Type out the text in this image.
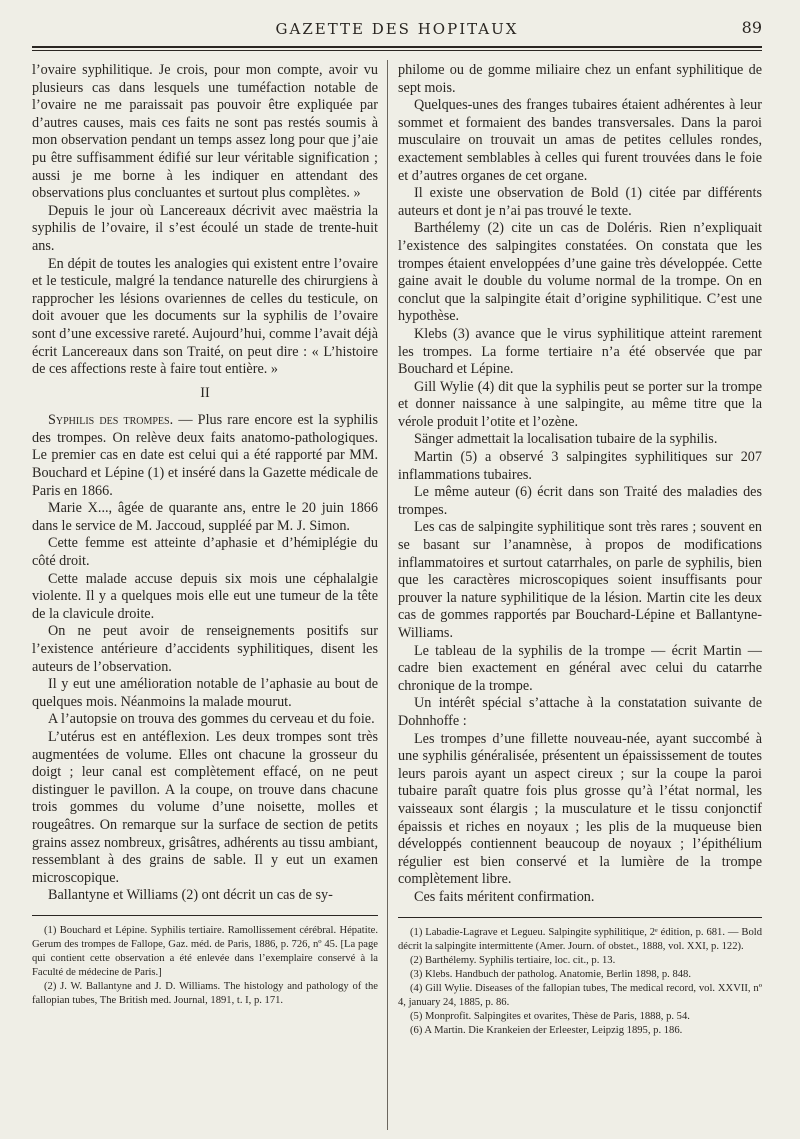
GAZETTE DES HOPITAUX	89

l’ovaire syphilitique. Je crois, pour mon compte, avoir vu plusieurs cas dans lesquels une tuméfaction notable de l’ovaire ne me paraissait pas pouvoir être expliquée par d’autres causes, mais ces faits ne sont pas restés soumis à mon observation pendant un temps assez long pour que j’aie pu être suffisamment édifié sur leur véritable signification ; aussi je me borne à les indiquer en attendant des observations plus concluantes et surtout plus complètes. »

Depuis le jour où Lancereaux décrivit avec maëstria la syphilis de l’ovaire, il s’est écoulé un stade de trente-huit ans.

En dépit de toutes les analogies qui existent entre l’ovaire et le testicule, malgré la tendance naturelle des chirurgiens à rapprocher les lésions ovariennes de celles du testicule, on doit avouer que les documents sur la syphilis de l’ovaire sont d’une excessive rareté. Aujourd’hui, comme l’avait déjà écrit Lancereaux dans son Traité, on peut dire : « L’histoire de ces affections reste à faire tout entière. »

II

Syphilis des trompes. — Plus rare encore est la syphilis des trompes. On relève deux faits anatomo-pathologiques. Le premier cas en date est celui qui a été rapporté par MM. Bouchard et Lépine (1) et inséré dans la Gazette médicale de Paris en 1866.

Marie X..., âgée de quarante ans, entre le 20 juin 1866 dans le service de M. Jaccoud, suppléé par M. J. Simon.

Cette femme est atteinte d’aphasie et d’hémiplégie du côté droit.

Cette malade accuse depuis six mois une céphalalgie violente. Il y a quelques mois elle eut une tumeur de la tête de la clavicule droite.

On ne peut avoir de renseignements positifs sur l’existence antérieure d’accidents syphilitiques, disent les auteurs de l’observation.

Il y eut une amélioration notable de l’aphasie au bout de quelques mois. Néanmoins la malade mourut.

A l’autopsie on trouva des gommes du cerveau et du foie.

L’utérus est en antéflexion. Les deux trompes sont très augmentées de volume. Elles ont chacune la grosseur du doigt ; leur canal est complètement effacé, on ne peut distinguer le pavillon. A la coupe, on trouve dans chacune trois gommes du volume d’une noisette, molles et rougeâtres. On remarque sur la surface de section de petits grains assez nombreux, grisâtres, adhérents au tissu ambiant, ressemblant à des grains de sable. Il y eut un examen microscopique.

Ballantyne et Williams (2) ont décrit un cas de sy-

(1) Bouchard et Lépine. Syphilis tertiaire. Ramollissement cérébral. Hépatite. Gerum des trompes de Fallope, Gaz. méd. de Paris, 1886, p. 726, nº 45. [La page qui contient cette observation a été enlevée dans l’exemplaire conservé à la Faculté de médecine de Paris.]

(2) J. W. Ballantyne and J. D. Williams. The histology and pathology of the fallopian tubes, The British med. Journal, 1891, t. I, p. 171.

philome ou de gomme miliaire chez un enfant syphilitique de sept mois.

Quelques-unes des franges tubaires étaient adhérentes à leur sommet et formaient des bandes transversales. Dans la paroi musculaire on trouvait un amas de petites cellules rondes, exactement semblables à celles qui furent trouvées dans le foie et d’autres organes de cet organe.

Il existe une observation de Bold (1) citée par différents auteurs et dont je n’ai pas trouvé le texte.

Barthélemy (2) cite un cas de Doléris. Rien n’expliquait l’existence des salpingites constatées. On constata que les trompes étaient enveloppées d’une gaine très développée. Cette gaine avait le double du volume normal de la trompe. On en conclut que la salpingite était d’origine syphilitique. C’est une hypothèse.

Klebs (3) avance que le virus syphilitique atteint rarement les trompes. La forme tertiaire n’a été observée que par Bouchard et Lépine.

Gill Wylie (4) dit que la syphilis peut se porter sur la trompe et donner naissance à une salpingite, au même titre que la vérole produit l’otite et l’ozène.

Sänger admettait la localisation tubaire de la syphilis.

Martin (5) a observé 3 salpingites syphilitiques sur 207 inflammations tubaires.

Le même auteur (6) écrit dans son Traité des maladies des trompes.

Les cas de salpingite syphilitique sont très rares ; souvent en se basant sur l’anamnèse, à propos de modifications inflammatoires et surtout catarrhales, on parle de syphilis, bien que les caractères microscopiques soient insuffisants pour prouver la nature syphilitique de la lésion. Martin cite les deux cas de gommes rapportés par Bouchard-Lépine et Ballantyne-Williams.

Le tableau de la syphilis de la trompe — écrit Martin — cadre bien exactement en général avec celui du catarrhe chronique de la trompe.

Un intérêt spécial s’attache à la constatation suivante de Dohnhoffe :

Les trompes d’une fillette nouveau-née, ayant succombé à une syphilis généralisée, présentent un épaississement de toutes leurs parois ayant un aspect cireux ; sur la coupe la paroi tubaire paraît quatre fois plus grosse qu’à l’état normal, les vaisseaux sont élargis ; la musculature et le tissu conjonctif épaissis et riches en noyaux ; les plis de la muqueuse bien développés contiennent beaucoup de noyaux ; l’épithélium régulier est bien conservé et la lumière de la trompe complètement libre.

Ces faits méritent confirmation.

(1) Labadie-Lagrave et Legueu. Salpingite syphilitique, 2ᵉ édition, p. 681. — Bold décrit la salpingite intermittente (Amer. Journ. of obstet., 1888, vol. XXI, p. 122).

(2) Barthélemy. Syphilis tertiaire, loc. cit., p. 13.

(3) Klebs. Handbuch der patholog. Anatomie, Berlin 1898, p. 848.

(4) Gill Wylie. Diseases of the fallopian tubes, The medical record, vol. XXVII, nº 4, january 24, 1885, p. 86.

(5) Monprofit. Salpingites et ovarites, Thèse de Paris, 1888, p. 54.

(6) A Martin. Die Krankeien der Erleester, Leipzig 1895, p. 186.
